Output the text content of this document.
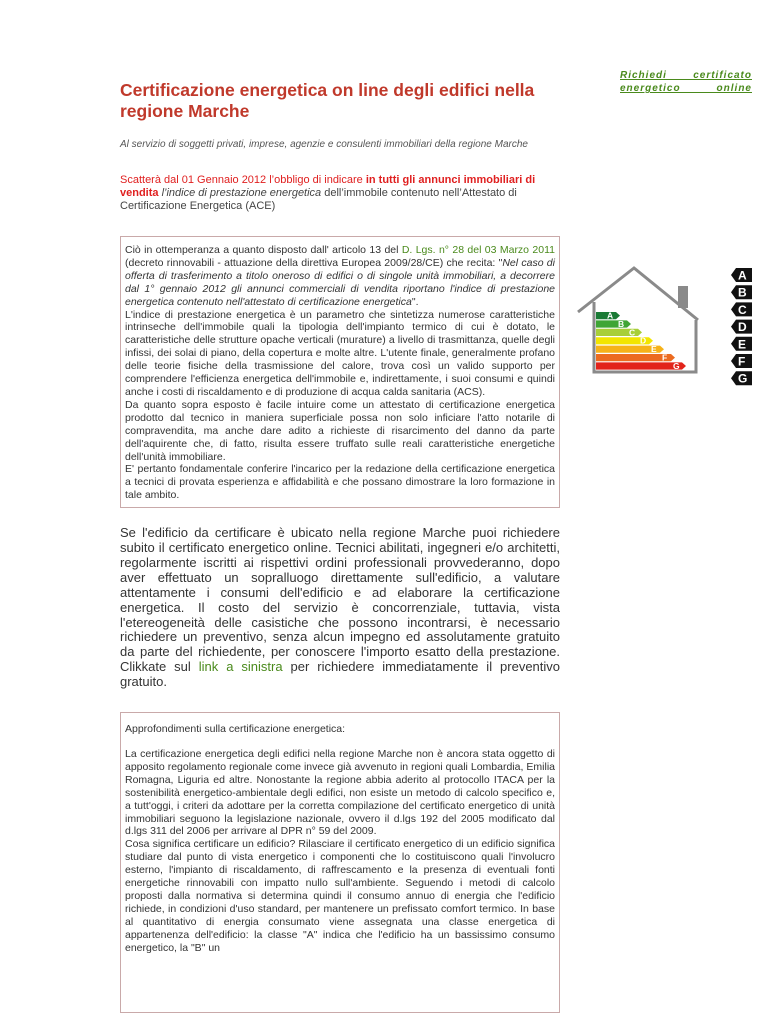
Certificazione energetica on line degli edifici nella regione Marche
Al servizio di soggetti privati, imprese, agenzie e consulenti immobiliari della regione Marche
Scatterà dal 01 Gennaio 2012 l’obbligo di indicare in tutti gli annunci immobiliari di vendita l’indice di prestazione energetica dell’immobile contenuto nell’Attestato di Certificazione Energetica (ACE)

Ciò in ottemperanza a quanto disposto dall' articolo 13 del D. Lgs. n° 28 del 03 Marzo 2011 (decreto rinnovabili - attuazione della direttiva Europea 2009/28/CE) che recita: "Nel caso di offerta di trasferimento a titolo oneroso di edifici o di singole unità immobiliari, a decorrere dal 1° gennaio 2012 gli annunci commerciali di vendita riportano l'indice di prestazione energetica contenuto nell'attestato di certificazione energetica".

L'indice di prestazione energetica è un parametro che sintetizza numerose caratteristiche intrinseche dell'immobile quali la tipologia dell'impianto termico di cui è dotato, le caratteristiche delle strutture opache verticali (murature) a livello di trasmittanza, quelle degli infissi, dei solai di piano, della copertura e molte altre. L'utente finale, generalmente profano delle teorie fisiche della trasmissione del calore, trova così un valido supporto per comprendere l'efficienza energetica dell'immobile e, indirettamente, i suoi consumi e quindi anche i costi di riscaldamento e di produzione di acqua calda sanitaria (ACS).

Da quanto sopra esposto è facile intuire come un attestato di certificazione energetica prodotto dal tecnico in maniera superficiale possa non solo inficiare l'atto notarile di compravendita, ma anche dare adito a richieste di risarcimento del danno da parte dell'aquirente che, di fatto, risulta essere truffato sulle reali caratteristiche energetiche dell'unità immobiliare.

E' pertanto fondamentale conferire l'incarico per la redazione della certificazione energetica a tecnici di provata esperienza e affidabilità e che possano dimostrare la loro formazione in tale ambito.

Se l'edificio da certificare è ubicato nella regione Marche puoi richiedere subito il certificato energetico online. Tecnici abilitati, ingegneri e/o architetti, regolarmente iscritti ai rispettivi ordini professionali provvederanno, dopo aver effettuato un sopralluogo direttamente sull'edificio, a valutare attentamente i consumi dell'edificio e ad elaborare la certificazione energetica. Il costo del servizio è concorrenziale, tuttavia, vista l'etereogeneità delle casistiche che possono incontrarsi, è necessario richiedere un preventivo, senza alcun impegno ed assolutamente gratuito da parte del richiedente, per conoscere l'importo esatto della prestazione. Clikkate sul link a sinistra per richiedere immediatamente il preventivo gratuito.

Approfondimenti sulla certificazione energetica:

La certificazione energetica degli edifici nella regione Marche non è ancora stata oggetto di apposito regolamento regionale come invece già avvenuto in regioni quali Lombardia, Emilia Romagna, Liguria ed altre. Nonostante la regione abbia aderito al protocollo ITACA per la sostenibilità energetico-ambientale degli edifici, non esiste un metodo di calcolo specifico e, a tutt'oggi, i criteri da adottare per la corretta compilazione del certificato energetico di unità immobiliari seguono la legislazione nazionale, ovvero il d.lgs 192 del 2005 modificato dal d.lgs 311 del 2006 per arrivare al DPR n° 59 del 2009.

Cosa significa certificare un edificio? Rilasciare il certificato energetico di un edificio significa studiare dal punto di vista energetico i componenti che lo costituiscono quali l'involucro esterno, l'impianto di riscaldamento, di raffrescamento e la presenza di eventuali fonti energetiche rinnovabili con impatto nullo sull'ambiente. Seguendo i metodi di calcolo proposti dalla normativa si determina quindi il consumo annuo di energia che l'edificio richiede, in condizioni d'uso standard, per mantenere un prefissato comfort termico. In base al quantitativo di energia consumato viene assegnata una classe energetica di appartenenza dell'edificio: la classe "A" indica che l'edificio ha un bassissimo consumo energetico, la "B" un

Richiedi certificato energetico online
A
B
C
D
E
F
G
A
B
C
D
E
F
G
